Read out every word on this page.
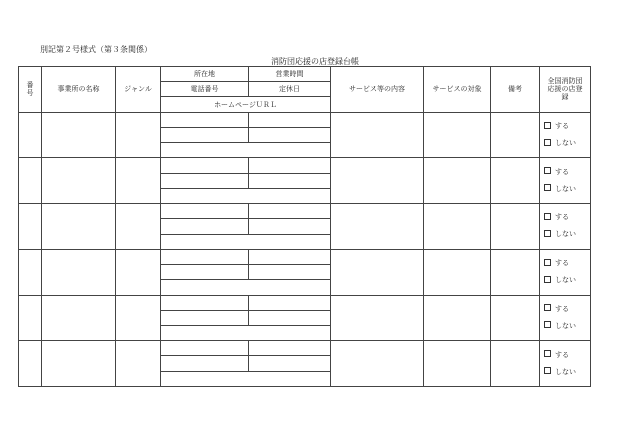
別記第２号様式（第３条関係）
消防団応援の店登録台帳
番
号	事業所の名称	ジャンル	所在地	営業時間	サービス等の内容	サービスの対象	備考	全国消防団
応援の店登
録
			電話番号	定休日				
			ホームページＵＲＬ					

								する
しない

								する
しない

								する
しない

								する
しない

								する
しない

								する
しない
